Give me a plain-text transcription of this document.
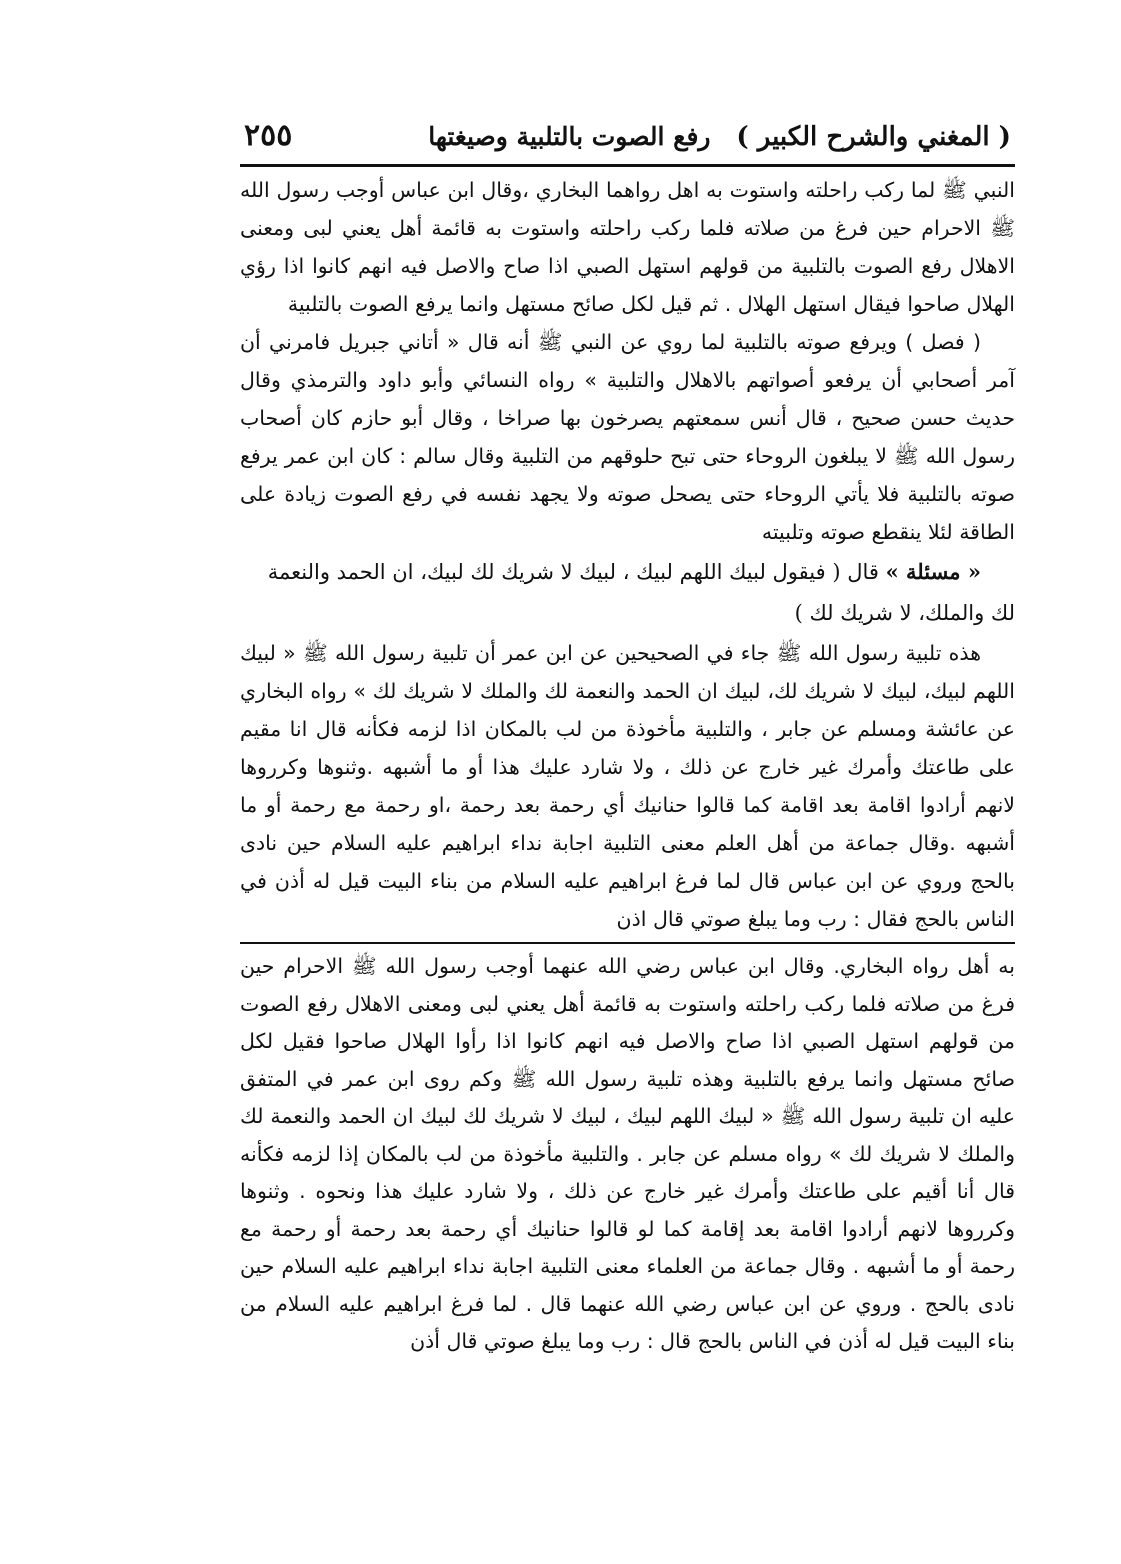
( المغني والشرح الكبير )
رفع الصوت بالتلبية وصيغتها
٢٥٥

النبي ﷺ لما ركب راحلته واستوت به اهل رواهما البخاري ،وقال ابن عباس أوجب رسول الله ﷺ الاحرام حين فرغ من صلاته فلما ركب راحلته واستوت به قائمة أهل يعني لبى ومعنى الاهلال رفع الصوت بالتلبية من قولهم استهل الصبي اذا صاح والاصل فيه انهم كانوا اذا رؤي الهلال صاحوا فيقال استهل الهلال . ثم قيل لكل صائح مستهل وانما يرفع الصوت بالتلبية

( فصل ) ويرفع صوته بالتلبية لما روي عن النبي ﷺ أنه قال « أتاني جبريل فامرني أن آمر أصحابي أن يرفعو أصواتهم بالاهلال والتلبية » رواه النسائي وأبو داود والترمذي وقال حديث حسن صحيح ، قال أنس سمعتهم يصرخون بها صراخا ، وقال أبو حازم كان أصحاب رسول الله ﷺ لا يبلغون الروحاء حتى تبح حلوقهم من التلبية وقال سالم : كان ابن عمر يرفع صوته بالتلبية فلا يأتي الروحاء حتى يصحل صوته ولا يجهد نفسه في رفع الصوت زيادة على الطاقة لئلا ينقطع صوته وتلبيته

« مسئلة » قال ( فيقول لبيك اللهم لبيك ، لبيك لا شريك لك لبيك، ان الحمد والنعمة لك والملك، لا شريك لك )

هذه تلبية رسول الله ﷺ جاء في الصحيحين عن ابن عمر أن تلبية رسول الله ﷺ « لبيك اللهم لبيك، لبيك لا شريك لك، لبيك ان الحمد والنعمة لك والملك لا شريك لك » رواه البخاري عن عائشة ومسلم عن جابر ، والتلبية مأخوذة من لب بالمكان اذا لزمه فكأنه قال انا مقيم على طاعتك وأمرك غير خارج عن ذلك ، ولا شارد عليك هذا أو ما أشبهه .وثنوها وكرروها لانهم أرادوا اقامة بعد اقامة كما قالوا حنانيك أي رحمة بعد رحمة ،او رحمة مع رحمة أو ما أشبهه .وقال جماعة من أهل العلم معنى التلبية اجابة نداء ابراهيم عليه السلام حين نادى بالحج وروي عن ابن عباس قال لما فرغ ابراهيم عليه السلام من بناء البيت قيل له أذن في الناس بالحج فقال : رب وما يبلغ صوتي قال اذن

به أهل رواه البخاري. وقال ابن عباس رضي الله عنهما أوجب رسول الله ﷺ الاحرام حين فرغ من صلاته فلما ركب راحلته واستوت به قائمة أهل يعني لبى ومعنى الاهلال رفع الصوت من قولهم استهل الصبي اذا صاح والاصل فيه انهم كانوا اذا رأوا الهلال صاحوا فقيل لكل صائح مستهل وانما يرفع بالتلبية وهذه تلبية رسول الله ﷺ وكم روى ابن عمر في المتفق عليه ان تلبية رسول الله ﷺ « لبيك اللهم لبيك ، لبيك لا شريك لك لبيك ان الحمد والنعمة لك والملك لا شريك لك » رواه مسلم عن جابر . والتلبية مأخوذة من لب بالمكان إذا لزمه فكأنه قال أنا أقيم على طاعتك وأمرك غير خارج عن ذلك ، ولا شارد عليك هذا ونحوه . وثنوها وكرروها لانهم أرادوا اقامة بعد إقامة كما لو قالوا حنانيك أي رحمة بعد رحمة أو رحمة مع رحمة أو ما أشبهه . وقال جماعة من العلماء معنى التلبية اجابة نداء ابراهيم عليه السلام حين نادى بالحج . وروي عن ابن عباس رضي الله عنهما قال . لما فرغ ابراهيم عليه السلام من بناء البيت قيل له أذن في الناس بالحج قال : رب وما يبلغ صوتي قال أذن
